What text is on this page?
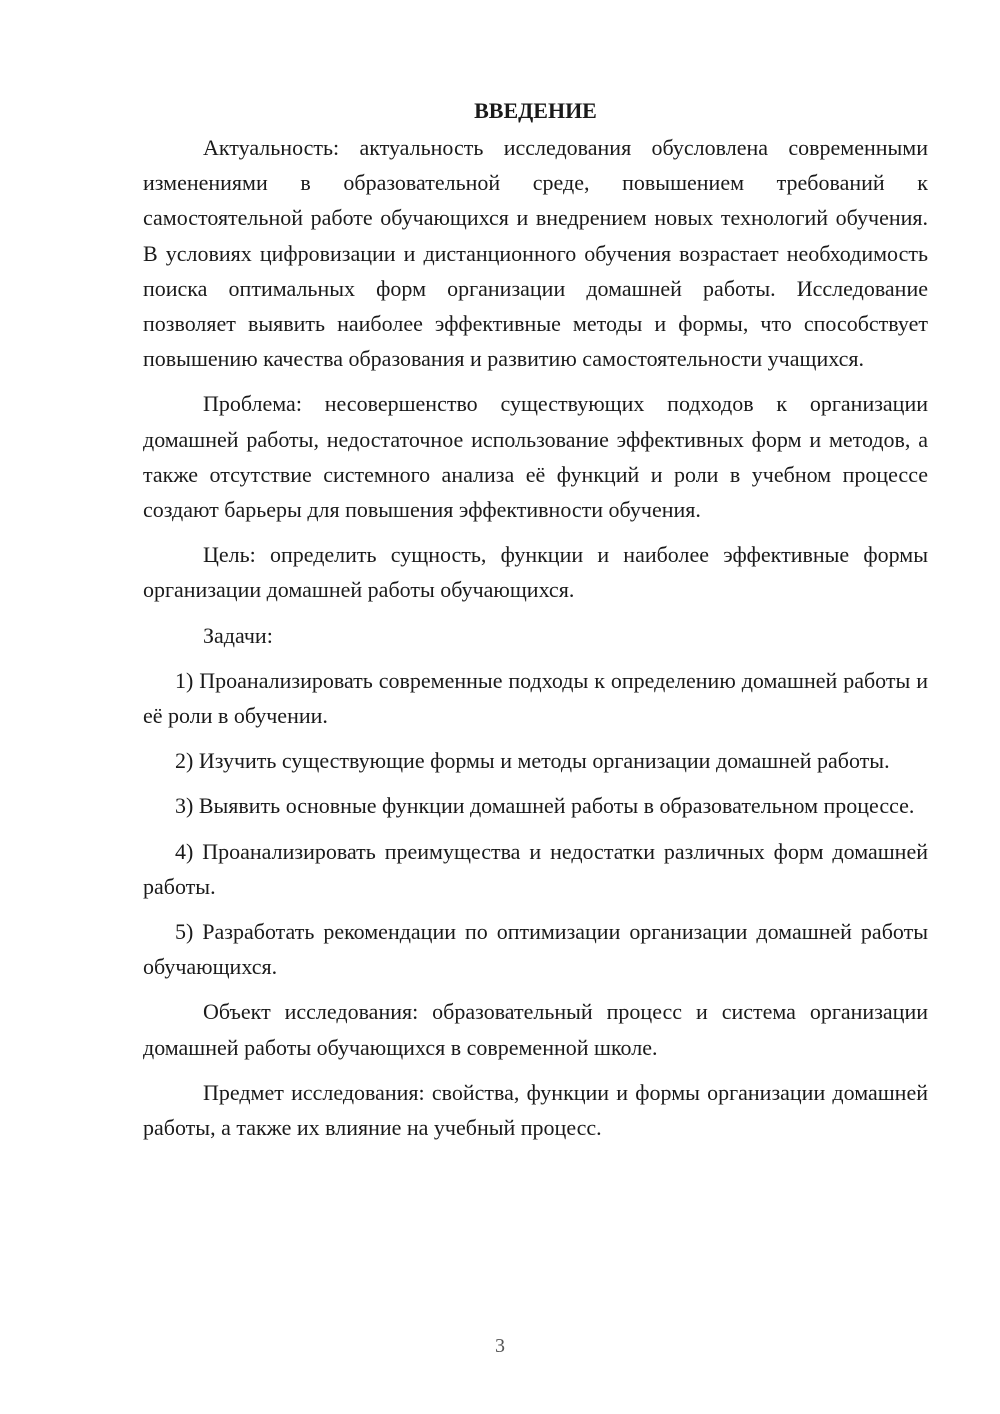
ВВЕДЕНИЕ

Актуальность: актуальность исследования обусловлена современными изменениями в образовательной среде, повышением требований к самостоятельной работе обучающихся и внедрением новых технологий обучения. В условиях цифровизации и дистанционного обучения возрастает необходимость поиска оптимальных форм организации домашней работы. Исследование позволяет выявить наиболее эффективные методы и формы, что способствует повышению качества образования и развитию самостоятельности учащихся.

Проблема: несовершенство существующих подходов к организации домашней работы, недостаточное использование эффективных форм и методов, а также отсутствие системного анализа её функций и роли в учебном процессе создают барьеры для повышения эффективности обучения.

Цель: определить сущность, функции и наиболее эффективные формы организации домашней работы обучающихся.

Задачи:

1) Проанализировать современные подходы к определению домашней работы и её роли в обучении.

2) Изучить существующие формы и методы организации домашней работы.

3) Выявить основные функции домашней работы в образовательном процессе.

4) Проанализировать преимущества и недостатки различных форм домашней работы.

5) Разработать рекомендации по оптимизации организации домашней работы обучающихся.

Объект исследования: образовательный процесс и система организации домашней работы обучающихся в современной школе.

Предмет исследования: свойства, функции и формы организации домашней работы, а также их влияние на учебный процесс.

3
